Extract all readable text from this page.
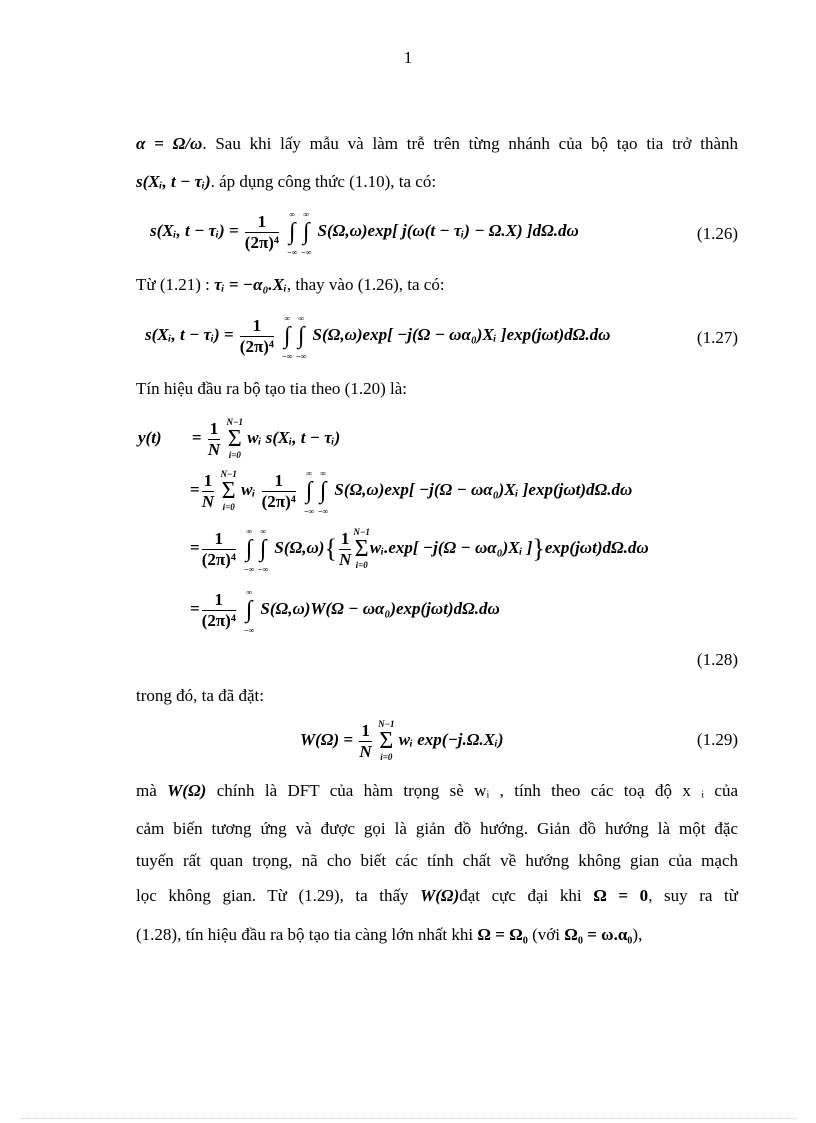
1
α = Ω/ω. Sau khi lấy mẫu và làm trễ trên từng nhánh của bộ tạo tia trở thành
s(Xᵢ, t − τᵢ). áp dụng công thức (1.10), ta có:
s(Xᵢ, t − τᵢ) = $\frac{1}{\text{(2π)⁴}}$
	∞
∫
−∞
∞
∫
−∞
S(Ω,ω)exp[ j(ω(t − τᵢ) − Ω.X) ]dΩ.dω	(1.26)
Từ (1.21) : τᵢ = −α₀.Xᵢ, thay vào (1.26), ta có:
s(Xᵢ, t − τᵢ) = $\frac{1}{\text{(2π)⁴}}$
	∞
∫
−∞
∞
∫
−∞
S(Ω,ω)exp[ −j(Ω − ωα₀)Xᵢ ]exp(jωt)dΩ.dω	(1.27)
Tín hiệu đầu ra bộ tạo tia theo (1.20) là:
$y(t) = \frac{1}{N}$
N−1
Σ
i=0
wᵢ s(Xᵢ, t − τᵢ)
= $\frac{1}{N}$
N−1
Σ
i=0
wᵢ $\frac{1}{\text{(2π)⁴}}$
	∞
∫
−∞
∞
∫
−∞
S(Ω,ω)exp[ −j(Ω − ωα₀)Xᵢ ]exp(jωt)dΩ.dω
= $\frac{1}{\text{(2π)⁴}}$
	∞
∫
−∞
∞
∫
−∞
$S(\Omega,\omega)\{ \frac{1}{N} N-1$
Σ
i=0
wᵢ.exp[ −j(Ω − ωα₀)Xᵢ ]}exp(jωt)dΩ.dω
= $\frac{1}{\text{(2π)⁴}}$
	∞
∫
−∞
S(Ω,ω)W(Ω − ωα₀)exp(jωt)dΩ.dω
(1.28)
trong đó, ta đã đặt:
$W(\Omega) = \frac{1}{N}$
N−1
Σ
i=0
wᵢ exp(−j.Ω.Xᵢ)	(1.29)
mà W(Ω) chính là DFT của hàm trọng sè wᵢ , tính theo các toạ độ x ᵢ của
cảm biến tương ứng và được gọi là giản đồ hướng. Giản đồ hướng là một đặc
tuyến rất quan trọng, nã cho biết các tính chất về hướng không gian của mạch
lọc không gian. Từ (1.29), ta thấy W(Ω)đạt cực đại khi Ω = 0, suy ra từ
(1.28), tín hiệu đầu ra bộ tạo tia càng lớn nhất khi Ω = Ω₀ (với Ω₀ = ω.α₀),
